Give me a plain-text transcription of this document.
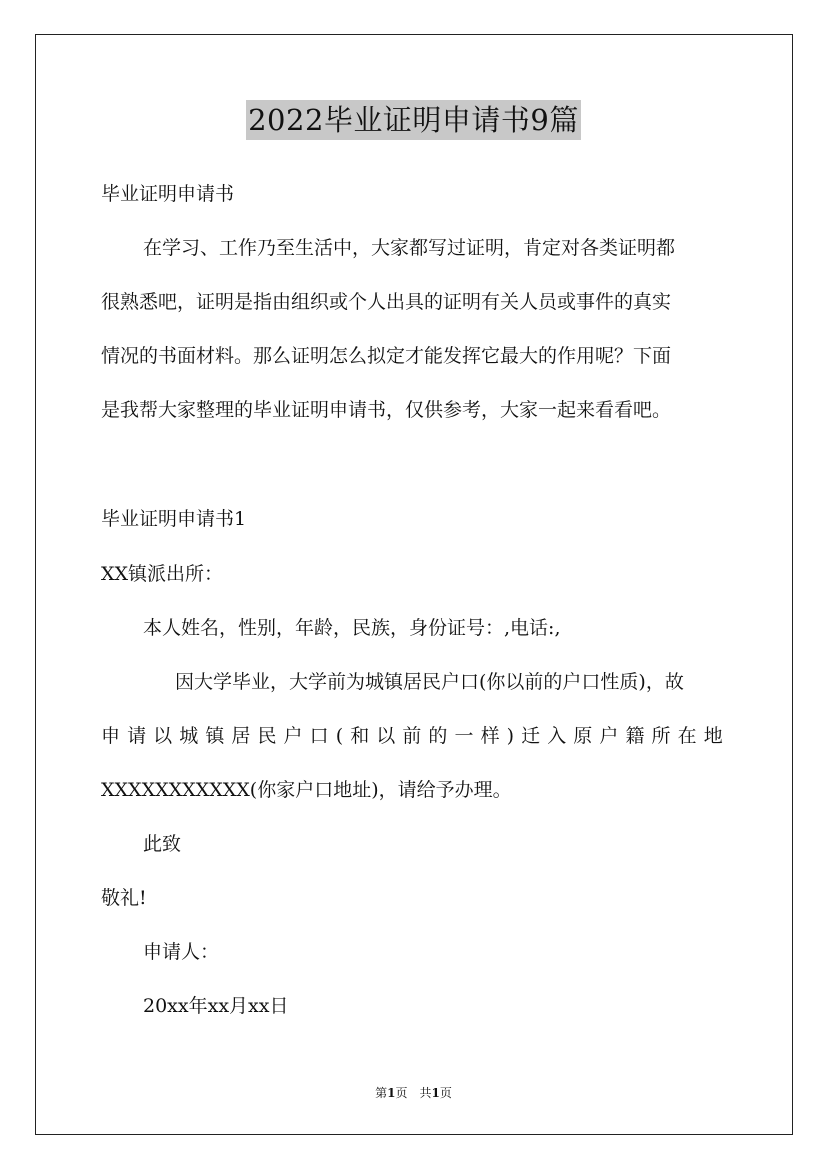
2022毕业证明申请书9篇
毕业证明申请书
在学习、工作乃至生活中，大家都写过证明，肯定对各类证明都
很熟悉吧，证明是指由组织或个人出具的证明有关人员或事件的真实
情况的书面材料。那么证明怎么拟定才能发挥它最大的作用呢？下面
是我帮大家整理的毕业证明申请书，仅供参考，大家一起来看看吧。
毕业证明申请书1
XX镇派出所：
本人姓名，性别，年龄，民族，身份证号：,电话:,
因大学毕业，大学前为城镇居民户口(你以前的户口性质)，故
申 请 以 城 镇 居 民 户 口 ( 和 以 前 的 一 样 ) 迁 入 原 户 籍 所 在 地
XXXXXXXXXXX(你家户口地址)，请给予办理。
此致
敬礼!
申请人：
20xx年xx月xx日
第1页　共1页
